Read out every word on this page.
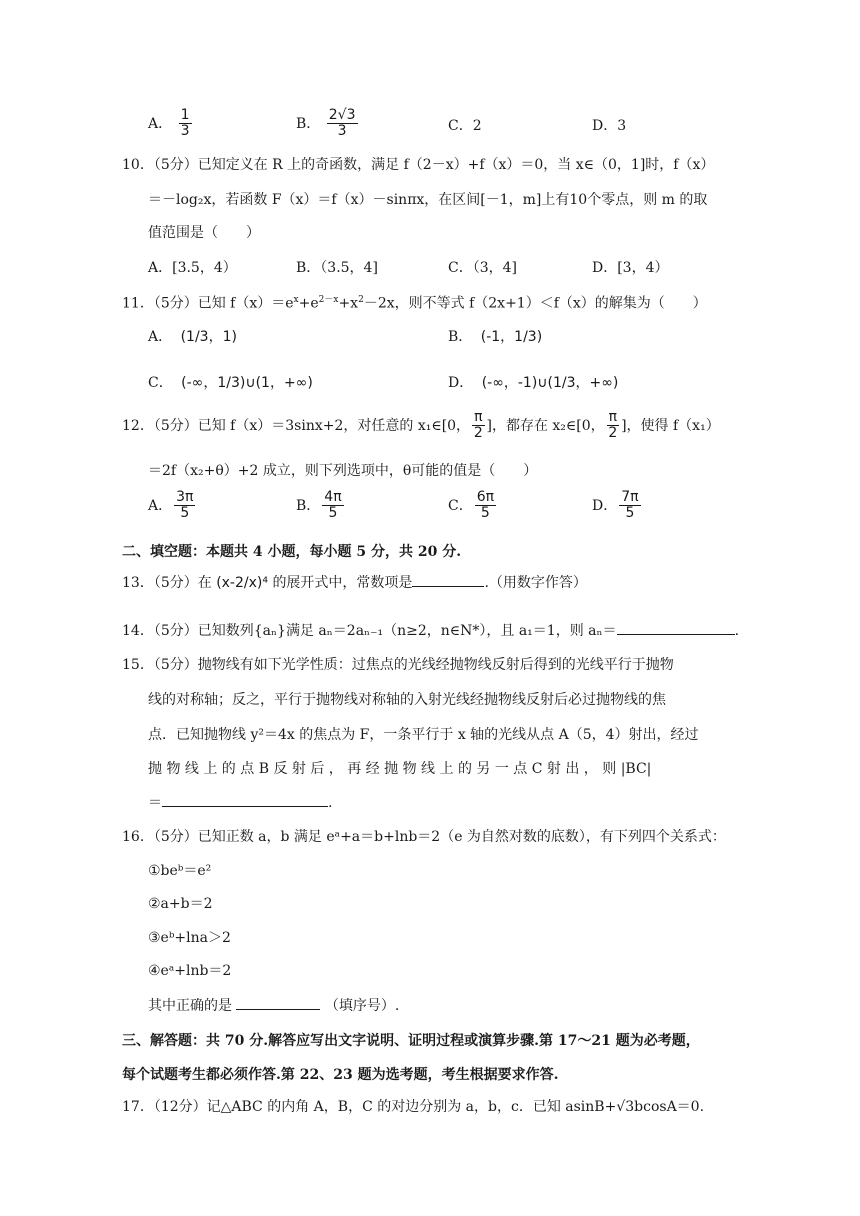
A． $\frac{1}{3}$	B． $\frac{2√3}{3}$	C．2	D．3
10．（5分）已知定义在 R 上的奇函数，满足 f（2－x）+f（x）＝0，当 x∈（0，1]时，f（x）
＝－log₂x，若函数 F（x）＝f（x）－sinπx，在区间[－1，m]上有10个零点，则 m 的取
值范围是（　　）
A．[3.5，4）	B．（3.5，4]	C．（3，4]	D．[3，4）
11．（5分）已知 $f(x)=e^x+e^{2-x}+x^2-2x$，则不等式 f（2x+1）＜f（x）的解集为（　　）
A． (1/3，1)	B． (-1，1/3)
C． (-∞，1/3)∪(1，+∞)	D． (-∞，-1)∪(1/3，+∞)
12．（5分）已知 f（x）＝3sinx+2，对任意的 x₁∈[0， $\frac{\pi}{2}$ ]，都存在 x₂∈[0， $\frac{\pi}{2}$ ]，使得 f（x₁）
＝2f（x₂+θ）+2 成立，则下列选项中，θ可能的值是（　　）
A． $\frac{3\pi}{5}$	B． $\frac{4\pi}{5}$	C． $\frac{6\pi}{5}$	D． $\frac{7\pi}{5}$
二、填空题：本题共 4 小题，每小题 5 分，共 20 分.
13．（5分）在 (x-2/x)⁴ 的展开式中，常数项是	.（用数字作答）
14．（5分）已知数列{aₙ}满足 aₙ＝2aₙ₋₁（n≥2，n∈N*），且 a₁＝1，则 aₙ＝	.
15．（5分）抛物线有如下光学性质：过焦点的光线经抛物线反射后得到的光线平行于抛物
线的对称轴；反之，平行于抛物线对称轴的入射光线经抛物线反射后必过抛物线的焦
点．已知抛物线 y²＝4x 的焦点为 F，一条平行于 x 轴的光线从点 A（5，4）射出，经过
抛 物 线 上 的 点 B 反 射 后 ， 再 经 抛 物 线 上 的 另 一 点 C 射 出 ， 则 |BC|
＝	.
16．（5分）已知正数 a，b 满足 eᵃ+a＝b+lnb＝2（e 为自然对数的底数），有下列四个关系式：
①beᵇ＝e²
②a+b＝2
③eᵇ+lna＞2
④eᵃ+lnb＝2
其中正确的是	（填序号）.
三、解答题：共 70 分.解答应写出文字说明、证明过程或演算步骤.第 17～21 题为必考题，
每个试题考生都必须作答.第 22、23 题为选考题，考生根据要求作答.
17．（12分）记△ABC 的内角 A，B，C 的对边分别为 a，b，c．已知 asinB+√3bcosA＝0.
